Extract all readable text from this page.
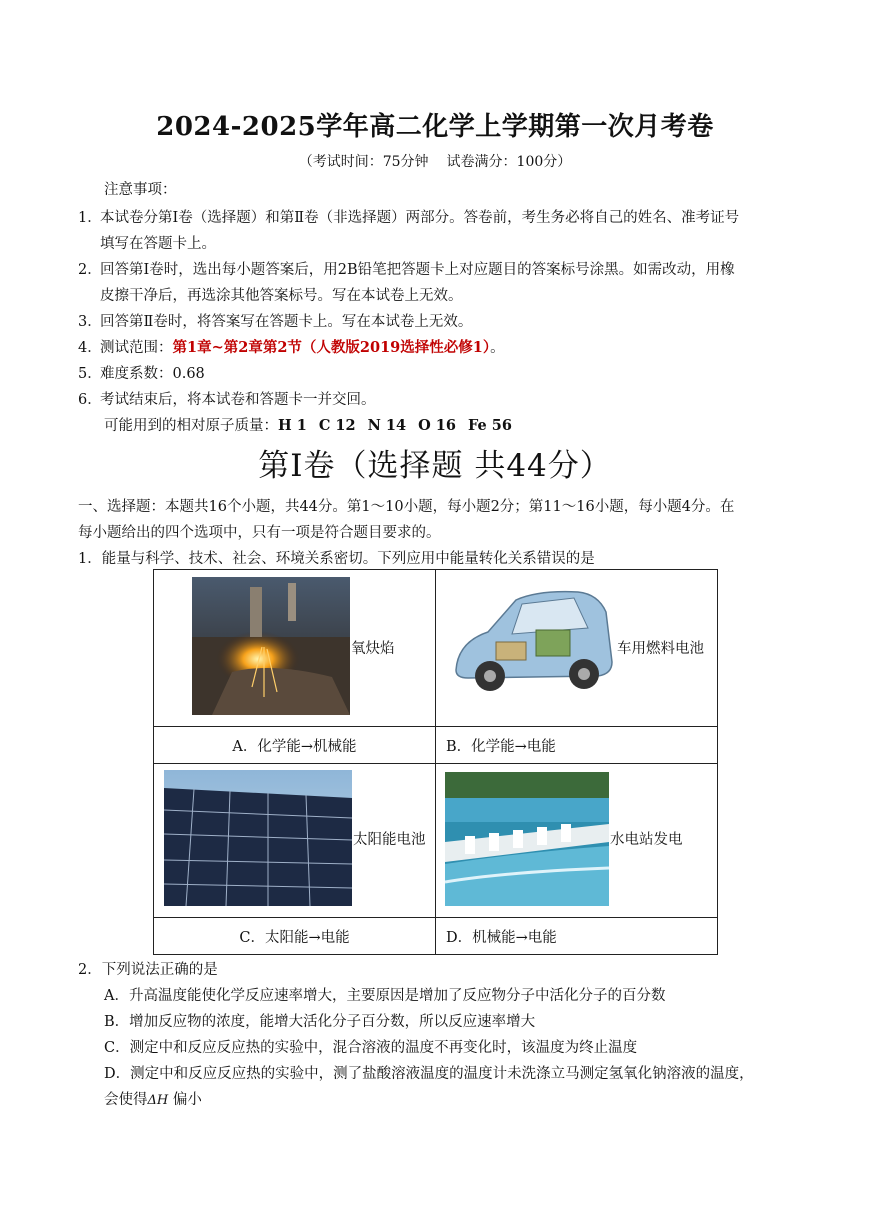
2024-2025学年高二化学上学期第一次月考卷
（考试时间：75分钟 试卷满分：100分）
注意事项：
1．本试卷分第Ⅰ卷（选择题）和第Ⅱ卷（非选择题）两部分。答卷前，考生务必将自己的姓名、准考证号
填写在答题卡上。
2．回答第Ⅰ卷时，选出每小题答案后，用2B铅笔把答题卡上对应题目的答案标号涂黑。如需改动，用橡
皮擦干净后，再选涂其他答案标号。写在本试卷上无效。
3．回答第Ⅱ卷时，将答案写在答题卡上。写在本试卷上无效。
4．测试范围：第1章~第2章第2节（人教版2019选择性必修1）。
5．难度系数：0.68
6．考试结束后，将本试卷和答题卡一并交回。
可能用到的相对原子质量：H 1 C 12 N 14 O 16 Fe 56
第Ⅰ卷（选择题 共44分）
一、选择题：本题共16个小题，共44分。第1～10小题，每小题2分；第11～16小题，每小题4分。在
每小题给出的四个选项中，只有一项是符合题目要求的。
1．能量与科学、技术、社会、环境关系密切。下列应用中能量转化关系错误的是
氧炔焰	车用燃料电池

A．化学能→机械能	B．化学能→电能

太阳能电池	水电站发电

C．太阳能→电能	D．机械能→电能
2．下列说法正确的是
A．升高温度能使化学反应速率增大，主要原因是增加了反应物分子中活化分子的百分数
B．增加反应物的浓度，能增大活化分子百分数，所以反应速率增大
C．测定中和反应反应热的实验中，混合溶液的温度不再变化时，该温度为终止温度
D．测定中和反应反应热的实验中，测了盐酸溶液温度的温度计未洗涤立马测定氢氧化钠溶液的温度，
会使得ΔH 偏小
